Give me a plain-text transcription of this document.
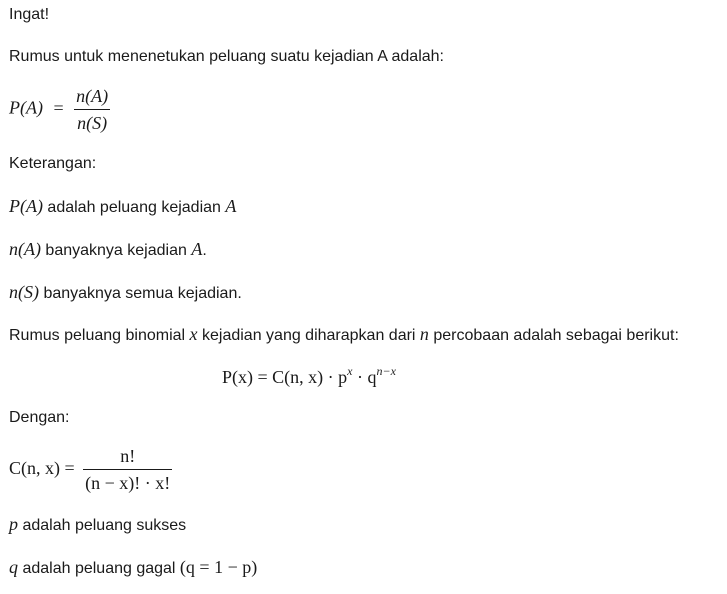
Ingat!
Rumus untuk menenetukan peluang suatu kejadian A adalah:
$P(A) = \frac{n(A)}{n(S)}$
Keterangan:
P(A) adalah peluang kejadian A
n(A) banyaknya kejadian A.
n(S) banyaknya semua kejadian.
Rumus peluang binomial x kejadian yang diharapkan dari n percobaan adalah sebagai berikut:
P(x) = C(n, $x) \cdot p^x \cdot q^{n-x}$
Dengan:
C(n, $x) = \frac{n!}{(n - x)! \cdot x!}$
p adalah peluang sukses
q adalah peluang gagal (q = 1 − p)
